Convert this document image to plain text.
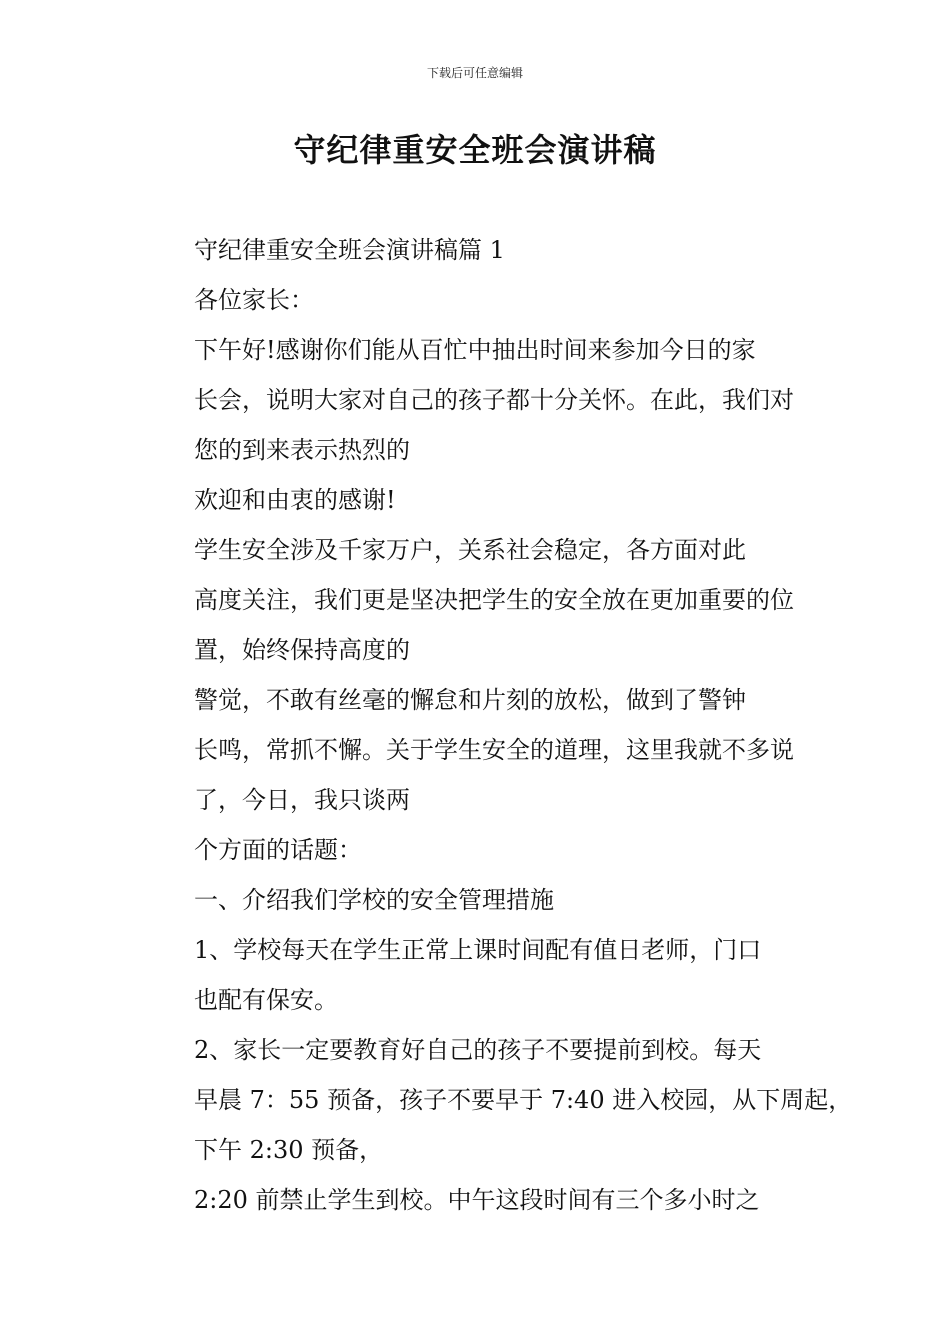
下载后可任意编辑
守纪律重安全班会演讲稿

守纪律重安全班会演讲稿篇 1

各位家长：

下午好!感谢你们能从百忙中抽出时间来参加今日的家
长会，说明大家对自己的孩子都十分关怀。在此，我们对
您的到来表示热烈的

欢迎和由衷的感谢!

学生安全涉及千家万户，关系社会稳定，各方面对此
高度关注，我们更是坚决把学生的安全放在更加重要的位
置，始终保持高度的

警觉，不敢有丝毫的懈怠和片刻的放松，做到了警钟
长鸣，常抓不懈。关于学生安全的道理，这里我就不多说
了，今日，我只谈两

个方面的话题：

一、介绍我们学校的安全管理措施

1、学校每天在学生正常上课时间配有值日老师，门口
也配有保安。

2、家长一定要教育好自己的孩子不要提前到校。每天
早晨 7：55 预备，孩子不要早于 7:40 进入校园，从下周起，
下午 2:30 预备，

2:20 前禁止学生到校。中午这段时间有三个多小时之
